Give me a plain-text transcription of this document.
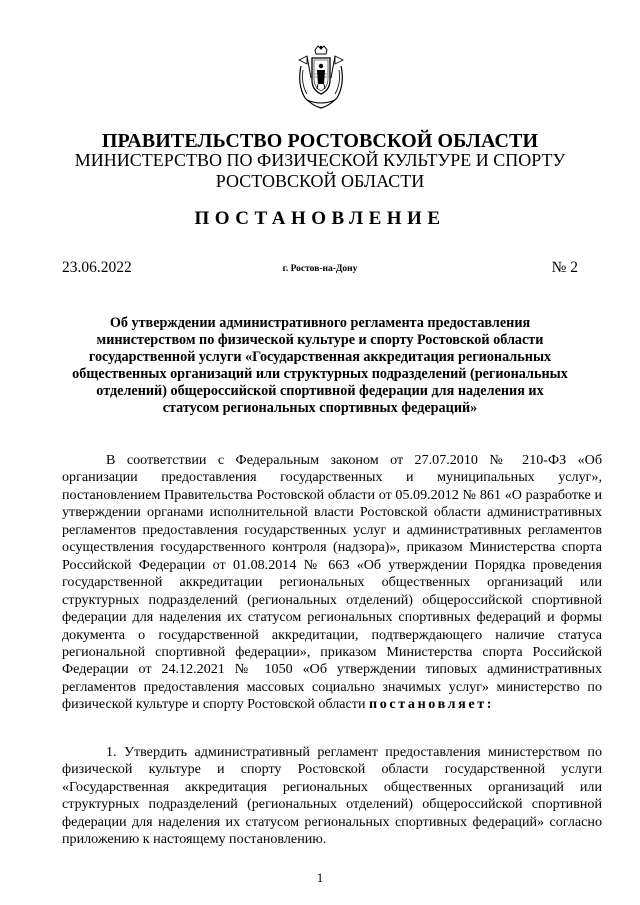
ПРАВИТЕЛЬСТВО РОСТОВСКОЙ ОБЛАСТИ
МИНИСТЕРСТВО ПО ФИЗИЧЕСКОЙ КУЛЬТУРЕ И СПОРТУ
РОСТОВСКОЙ ОБЛАСТИ
ПОСТАНОВЛЕНИЕ
23.06.2022	г. Ростов-на-Дону	№ 2
Об утверждении административного регламента предоставления министерством по физической культуре и спорту Ростовской области государственной услуги «Государственная аккредитация региональных общественных организаций или структурных подразделений (региональных отделений) общероссийской спортивной федерации для наделения их статусом региональных спортивных федераций»
В соответствии с Федеральным законом от 27.07.2010 № 210-ФЗ «Об организации предоставления государственных и муниципальных услуг», постановлением Правительства Ростовской области от 05.09.2012 № 861 «О разработке и утверждении органами исполнительной власти Ростовской области административных регламентов предоставления государственных услуг и административных регламентов осуществления государственного контроля (надзора)», приказом Министерства спорта Российской Федерации от 01.08.2014 № 663 «Об утверждении Порядка проведения государственной аккредитации региональных общественных организаций или структурных подразделений (региональных отделений) общероссийской спортивной федерации для наделения их статусом региональных спортивных федераций и формы документа о государственной аккредитации, подтверждающего наличие статуса региональной спортивной федерации», приказом Министерства спорта Российской Федерации от 24.12.2021 № 1050 «Об утверждении типовых административных регламентов предоставления массовых социально значимых услуг» министерство по физической культуре и спорту Ростовской области постановляет:
1. Утвердить административный регламент предоставления министерством по физической культуре и спорту Ростовской области государственной услуги «Государственная аккредитация региональных общественных организаций или структурных подразделений (региональных отделений) общероссийской спортивной федерации для наделения их статусом региональных спортивных федераций» согласно приложению к настоящему постановлению.
1
